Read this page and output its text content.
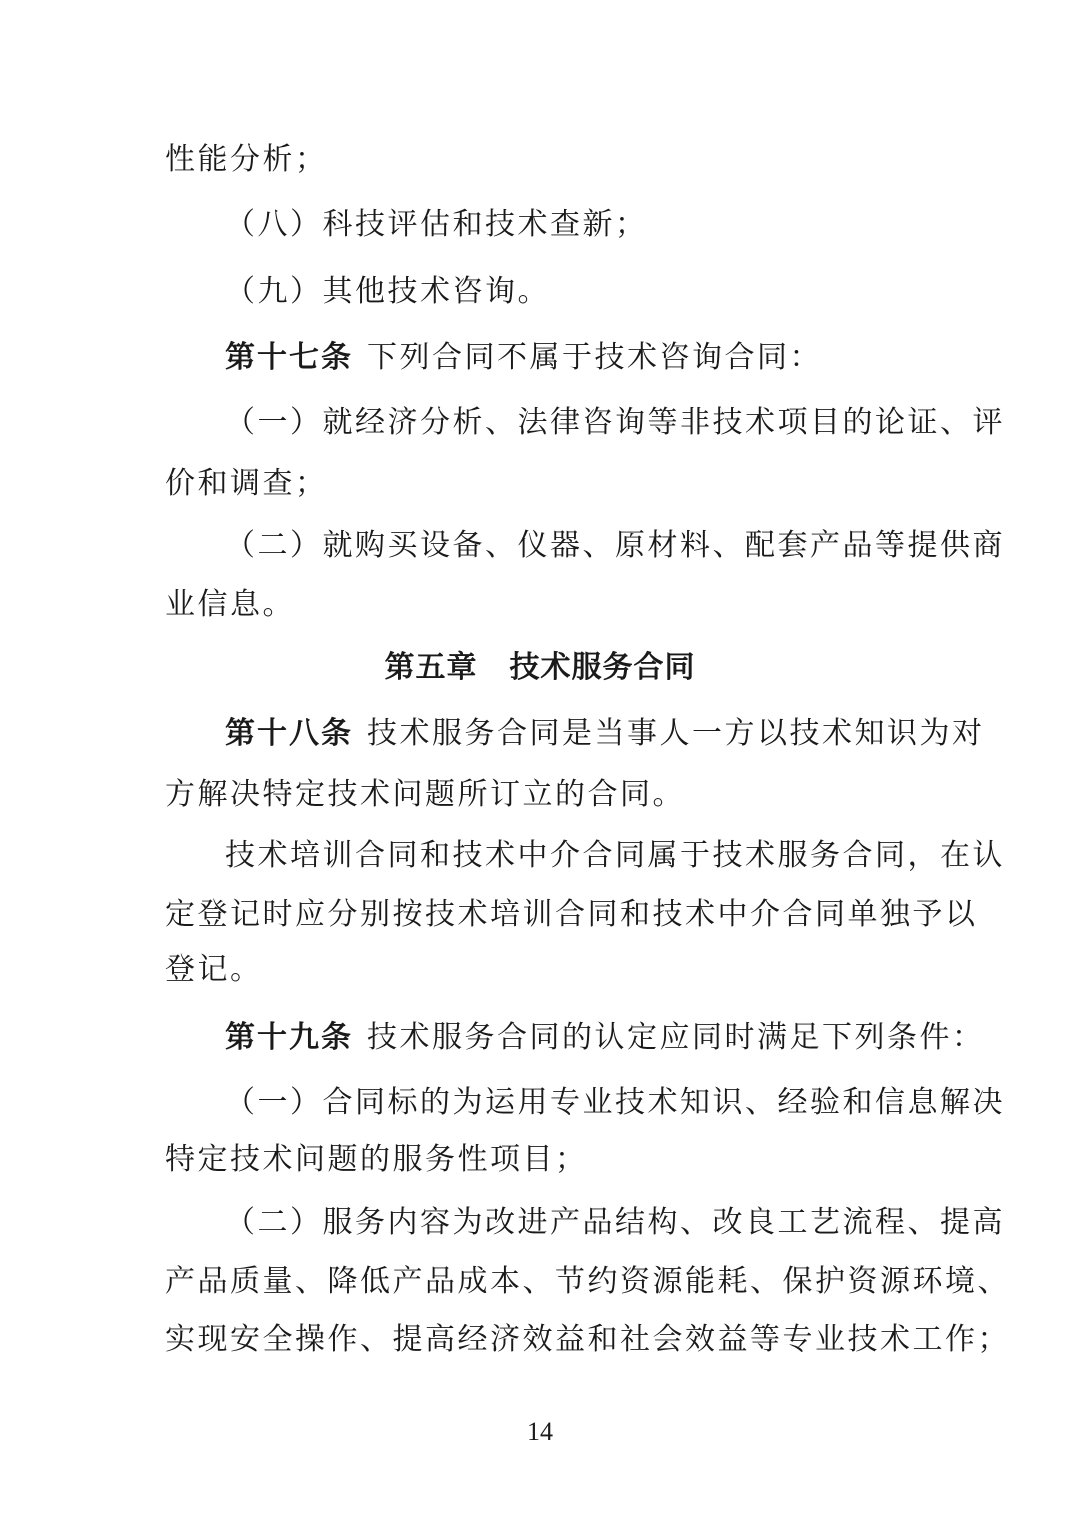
性能分析；
（八）科技评估和技术查新；
（九）其他技术咨询。
第十七条 下列合同不属于技术咨询合同：
（一）就经济分析、法律咨询等非技术项目的论证、评
价和调查；
（二）就购买设备、仪器、原材料、配套产品等提供商
业信息。
第五章 技术服务合同
第十八条 技术服务合同是当事人一方以技术知识为对
方解决特定技术问题所订立的合同。
技术培训合同和技术中介合同属于技术服务合同，在认
定登记时应分别按技术培训合同和技术中介合同单独予以
登记。
第十九条 技术服务合同的认定应同时满足下列条件：
（一）合同标的为运用专业技术知识、经验和信息解决
特定技术问题的服务性项目；
（二）服务内容为改进产品结构、改良工艺流程、提高
产品质量、降低产品成本、节约资源能耗、保护资源环境、
实现安全操作、提高经济效益和社会效益等专业技术工作；
14
